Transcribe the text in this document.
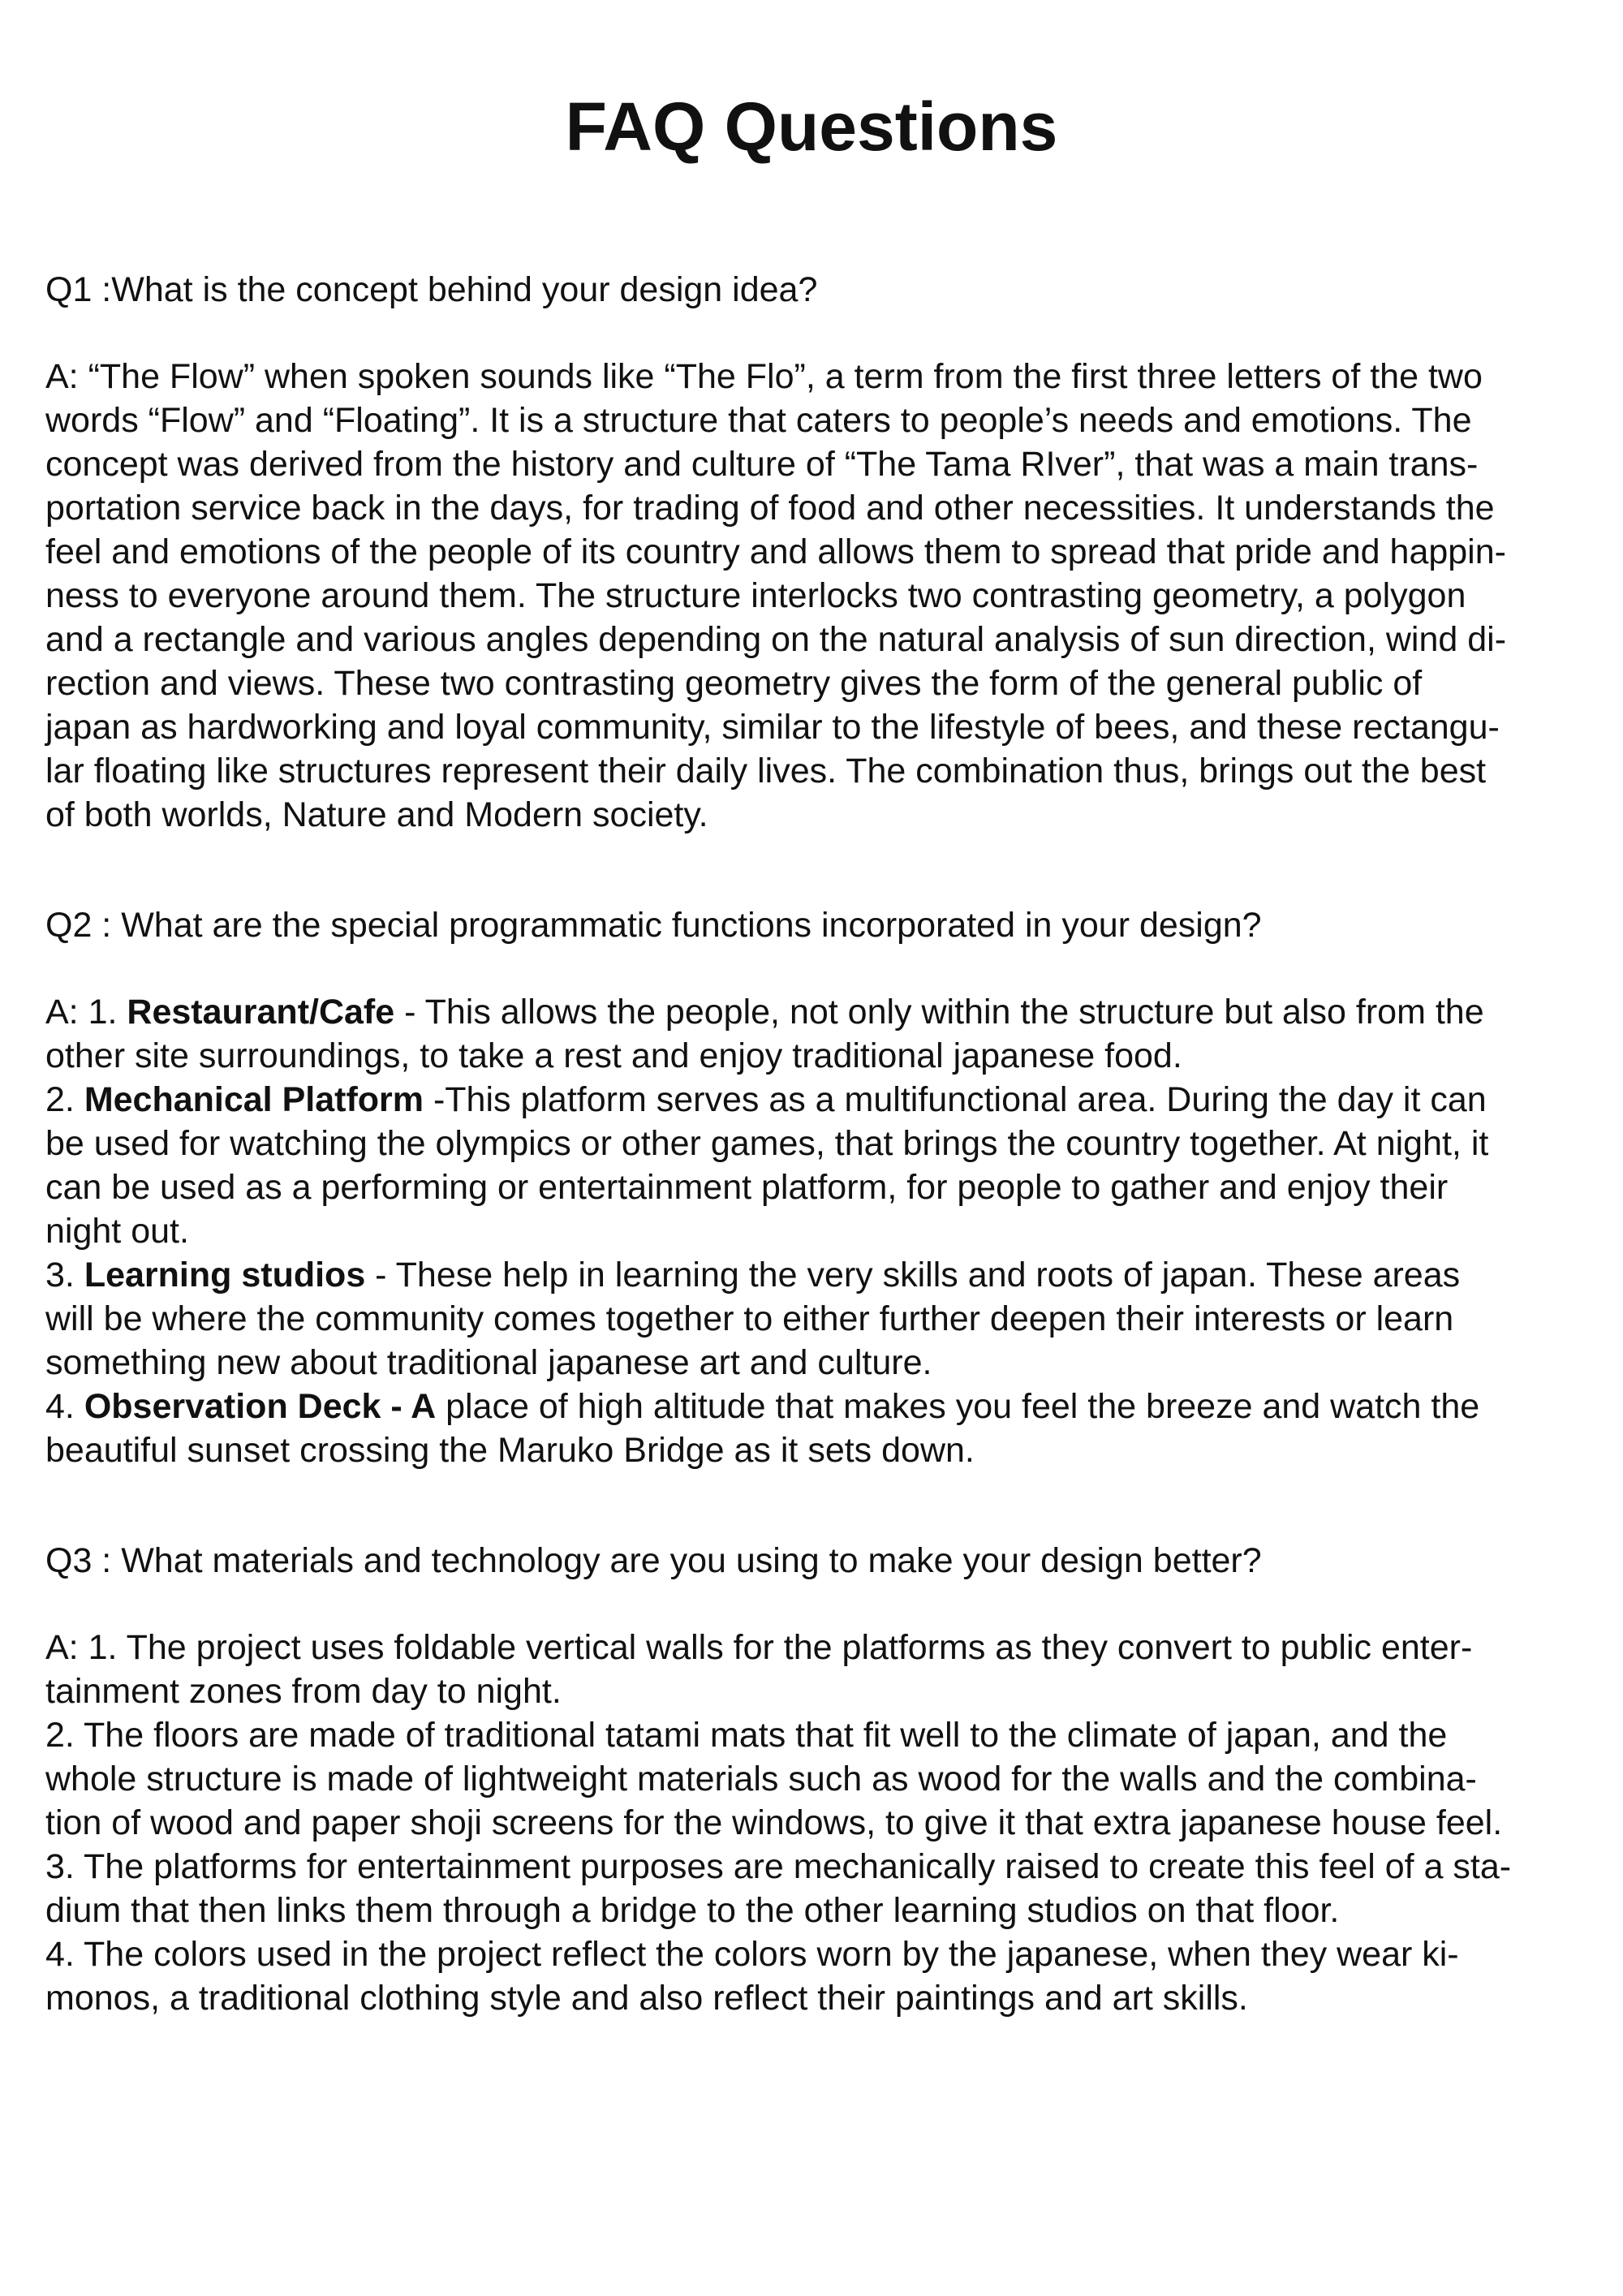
FAQ Questions

Q1 :What is the concept behind your design idea?

A: “The Flow” when spoken sounds like “The Flo”, a term from the first three letters of the two
words “Flow” and “Floating”. It is a structure that caters to people’s needs and emotions. The
concept was derived from the history and culture of “The Tama RIver”, that was a main trans-
portation service back in the days, for trading of food and other necessities. It understands the
feel and emotions of the people of its country and allows them to spread that pride and happin-
ness to everyone around them. The structure interlocks two contrasting geometry, a polygon
and a rectangle and various angles depending on the natural analysis of sun direction, wind di-
rection and views. These two contrasting geometry gives the form of the general public of
japan as hardworking and loyal community, similar to the lifestyle of bees, and these rectangu-
lar floating like structures represent their daily lives. The combination thus, brings out the best
of both worlds, Nature and Modern society.

Q2 : What are the special programmatic functions incorporated in your design?

A: 1. Restaurant/Cafe - This allows the people, not only within the structure but also from the
other site surroundings, to take a rest and enjoy traditional japanese food.
2. Mechanical Platform -This platform serves as a multifunctional area. During the day it can
be used for watching the olympics or other games, that brings the country together. At night, it
can be used as a performing or entertainment platform, for people to gather and enjoy their
night out.
3. Learning studios - These help in learning the very skills and roots of japan. These areas
will be where the community comes together to either further deepen their interests or learn
something new about traditional japanese art and culture.
4. Observation Deck - A place of high altitude that makes you feel the breeze and watch the
beautiful sunset crossing the Maruko Bridge as it sets down.

Q3 : What materials and technology are you using to make your design better?

A: 1. The project uses foldable vertical walls for the platforms as they convert to public enter-
tainment zones from day to night.
2. The floors are made of traditional tatami mats that fit well to the climate of japan, and the
whole structure is made of lightweight materials such as wood for the walls and the combina-
tion of wood and paper shoji screens for the windows, to give it that extra japanese house feel.
3. The platforms for entertainment purposes are mechanically raised to create this feel of a sta-
dium that then links them through a bridge to the other learning studios on that floor.
4. The colors used in the project reflect the colors worn by the japanese, when they wear ki-
monos, a traditional clothing style and also reflect their paintings and art skills.
